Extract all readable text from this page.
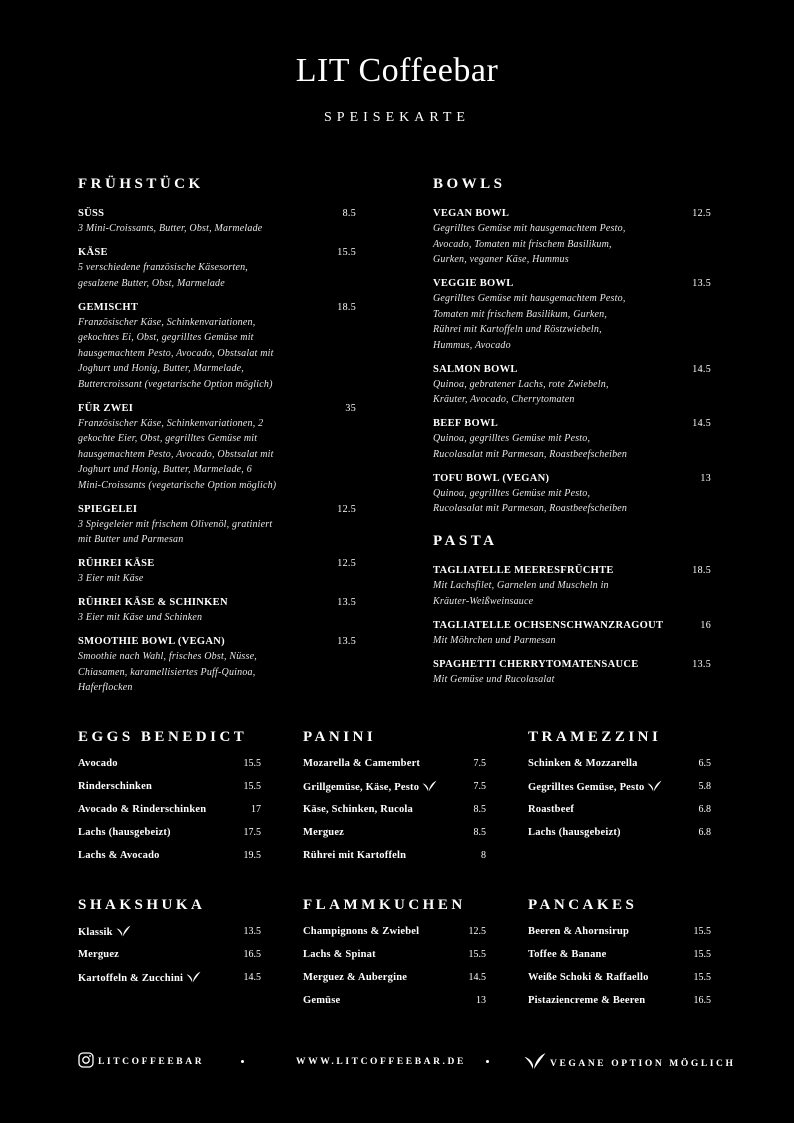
LIT Coffeebar
SPEISEKARTE
FRÜHSTÜCK
SÜSS
3 Mini-Croissants, Butter, Obst, Marmelade
8.5
KÄSE
5 verschiedene französische Käsesorten,
gesalzene Butter, Obst, Marmelade
15.5
GEMISCHT
Französischer Käse, Schinkenvariationen,
gekochtes Ei, Obst, gegrilltes Gemüse mit
hausgemachtem Pesto, Avocado, Obstsalat mit
Joghurt und Honig, Butter, Marmelade,
Buttercroissant (vegetarische Option möglich)
18.5
FÜR ZWEI
Französischer Käse, Schinkenvariationen, 2
gekochte Eier, Obst, gegrilltes Gemüse mit
hausgemachtem Pesto, Avocado, Obstsalat mit
Joghurt und Honig, Butter, Marmelade, 6
Mini-Croissants (vegetarische Option möglich)
35
SPIEGELEI
3 Spiegeleier mit frischem Olivenöl, gratiniert
mit Butter und Parmesan
12.5
RÜHREI KÄSE
3 Eier mit Käse
12.5
RÜHREI KÄSE & SCHINKEN
3 Eier mit Käse und Schinken
13.5
SMOOTHIE BOWL (VEGAN)
Smoothie nach Wahl, frisches Obst, Nüsse,
Chiasamen, karamellisiertes Puff-Quinoa,
Haferflocken
13.5
BOWLS
VEGAN BOWL
Gegrilltes Gemüse mit hausgemachtem Pesto,
Avocado, Tomaten mit frischem Basilikum,
Gurken, veganer Käse, Hummus
12.5
VEGGIE BOWL
Gegrilltes Gemüse mit hausgemachtem Pesto,
Tomaten mit frischem Basilikum, Gurken,
Rührei mit Kartoffeln und Röstzwiebeln,
Hummus, Avocado
13.5
SALMON BOWL
Quinoa, gebratener Lachs, rote Zwiebeln,
Kräuter, Avocado, Cherrytomaten
14.5
BEEF BOWL
Quinoa, gegrilltes Gemüse mit Pesto,
Rucolasalat mit Parmesan, Roastbeefscheiben
14.5
TOFU BOWL (VEGAN)
Quinoa, gegrilltes Gemüse mit Pesto,
Rucolasalat mit Parmesan, Roastbeefscheiben
13
PASTA
TAGLIATELLE MEERESFRÜCHTE
Mit Lachsfilet, Garnelen und Muscheln in
Kräuter-Weißweinsauce
18.5
TAGLIATELLE OCHSENSCHWANZRAGOUT
Mit Möhrchen und Parmesan
16
SPAGHETTI CHERRYTOMATENSAUCE
Mit Gemüse und Rucolasalat
13.5
EGGS BENEDICT
Avocado	15.5
Rinderschinken	15.5
Avocado & Rinderschinken	17
Lachs (hausgebeizt)	17.5
Lachs & Avocado	19.5
PANINI
Mozarella & Camembert	7.5
Grillgemüse, Käse, Pesto	7.5
Käse, Schinken, Rucola	8.5
Merguez	8.5
Rührei mit Kartoffeln	8
TRAMEZZINI
Schinken & Mozzarella	6.5
Gegrilltes Gemüse, Pesto	5.8
Roastbeef	6.8
Lachs (hausgebeizt)	6.8
SHAKSHUKA
Klassik	13.5
Merguez	16.5
Kartoffeln & Zucchini	14.5
FLAMMKUCHEN
Champignons & Zwiebel	12.5
Lachs & Spinat	15.5
Merguez & Aubergine	14.5
Gemüse	13
PANCAKES
Beeren & Ahornsirup	15.5
Toffee & Banane	15.5
Weiße Schoki & Raffaello	15.5
Pistaziencreme & Beeren	16.5
LITCOFFEEBAR	WWW.LITCOFFEEBAR.DE	VEGANE OPTION MÖGLICH
